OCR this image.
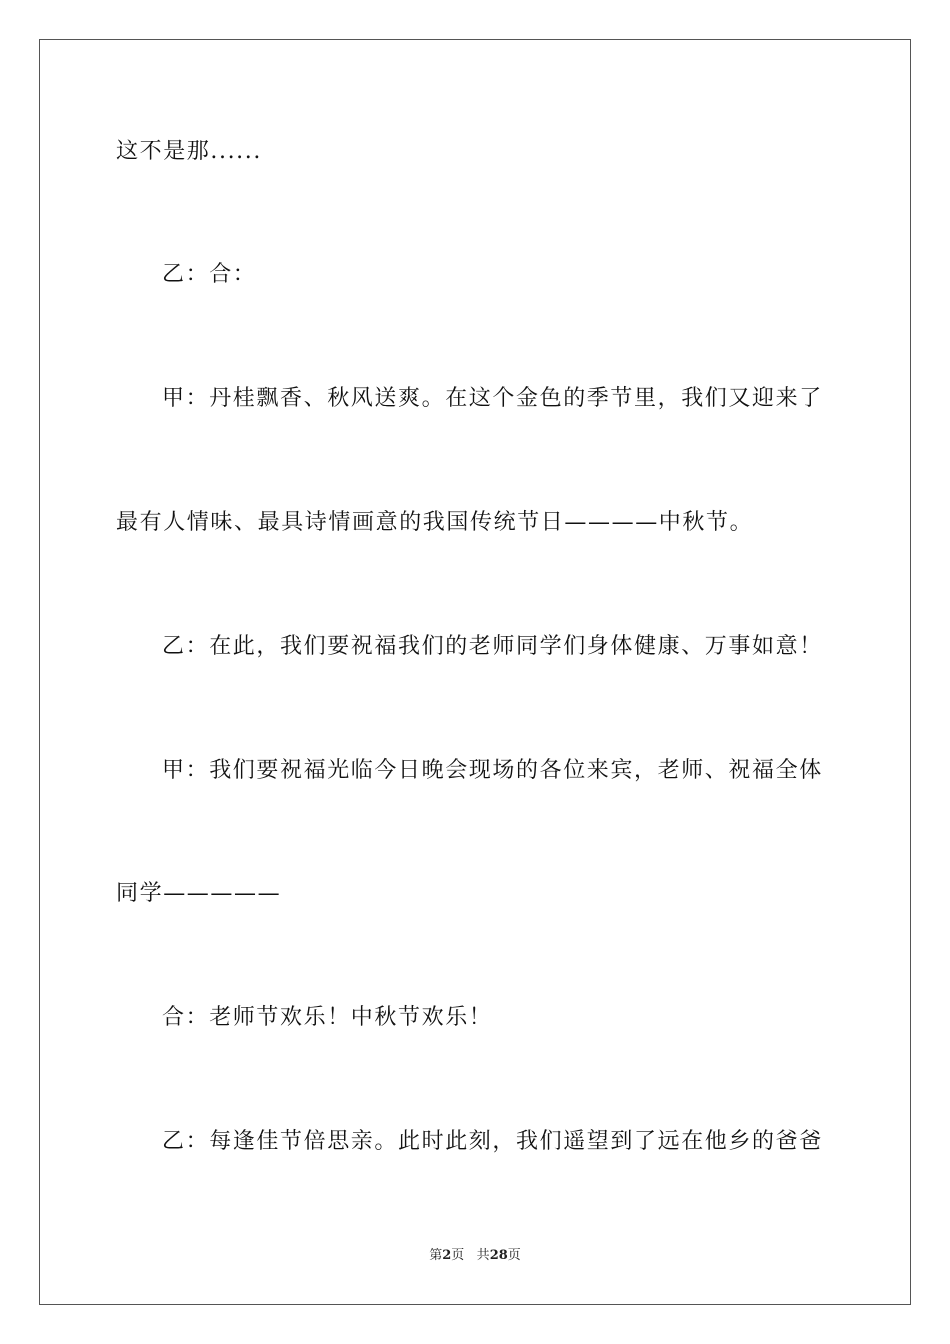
这不是那......
乙：合：
甲：丹桂飘香、秋风送爽。在这个金色的季节里，我们又迎来了
最有人情味、最具诗情画意的我国传统节日————中秋节。
乙：在此，我们要祝福我们的老师同学们身体健康、万事如意！
甲：我们要祝福光临今日晚会现场的各位来宾，老师、祝福全体
同学—————
合：老师节欢乐！中秋节欢乐！
乙：每逢佳节倍思亲。此时此刻，我们遥望到了远在他乡的爸爸
第2页 共28页
